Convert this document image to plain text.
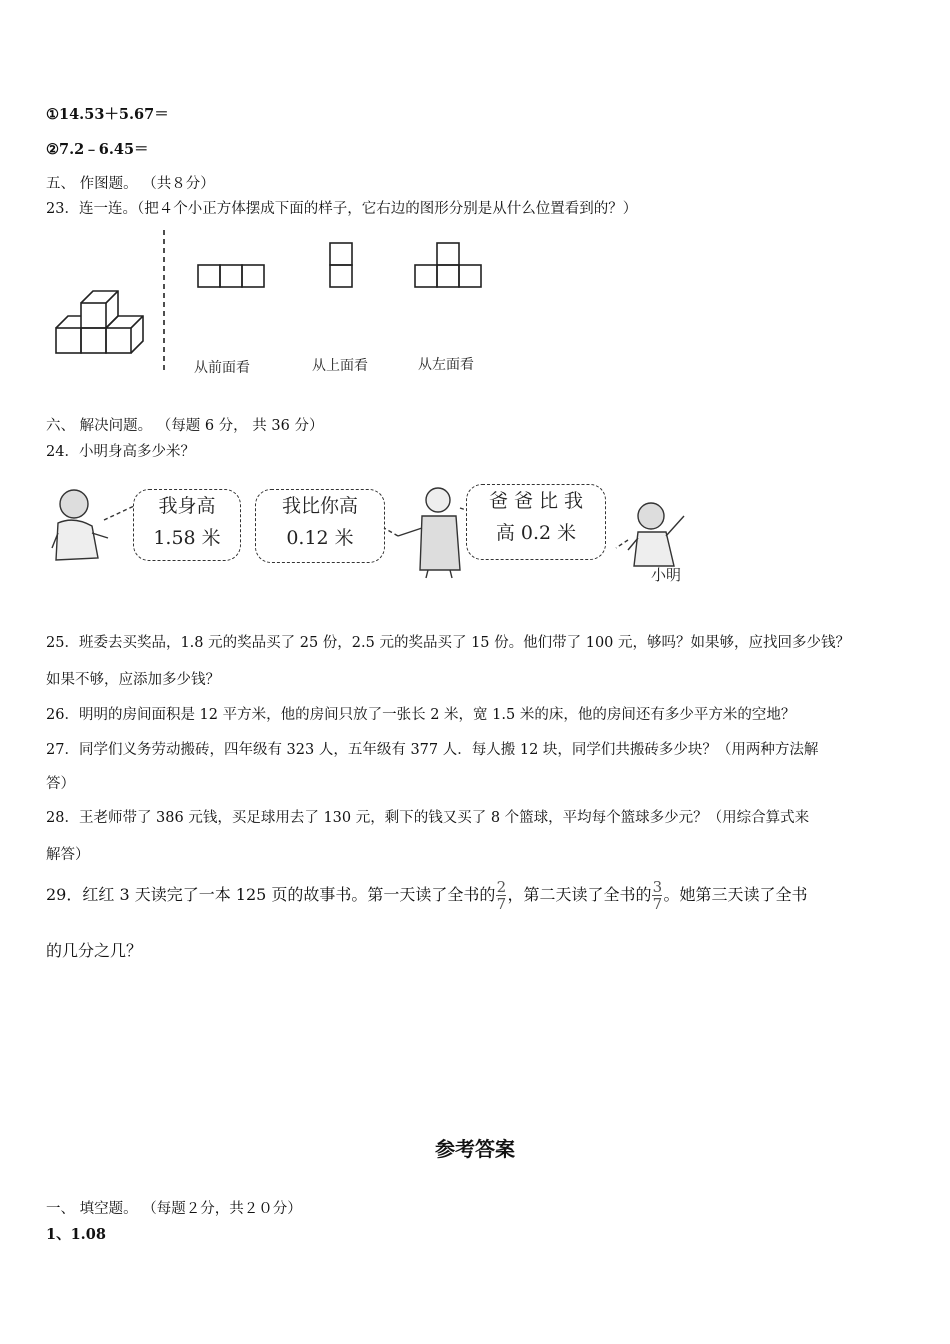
①14.53＋5.67＝
②7.2﹣6.45＝
五、 作图题。 （共８分）
23．连一连。（把４个小正方体摆成下面的样子，它右边的图形分别是从什么位置看到的？）
从前面看	从上面看	从左面看
六、 解决问题。 （每题 6 分， 共 36 分）
24．小明身高多少米？
我身高
1.58 米
我比你高
0.12 米
爸 爸 比 我
高 0.2 米
小明
25．班委去买奖品，1.8 元的奖品买了 25 份，2.5 元的奖品买了 15 份。他们带了 100 元，够吗？如果够，应找回多少钱？
如果不够，应添加多少钱？
26．明明的房间面积是 12 平方米，他的房间只放了一张长 2 米，宽 1.5 米的床，他的房间还有多少平方米的空地？
27．同学们义务劳动搬砖，四年级有 323 人，五年级有 377 人．每人搬 12 块，同学们共搬砖多少块？（用两种方法解
答）
28．王老师带了 386 元钱，买足球用去了 130 元，剩下的钱又买了 8 个篮球，平均每个篮球多少元？（用综合算式来
解答）
29．红红 3 天读完了一本 125 页的故事书。第一天读了全书的 $\frac{2}{7}$ ，第二天读了全书的 $\frac{3}{7}$ 。她第三天读了全书
的几分之几？
参考答案
一、 填空题。 （每题２分，共２０分）
1、1.08
